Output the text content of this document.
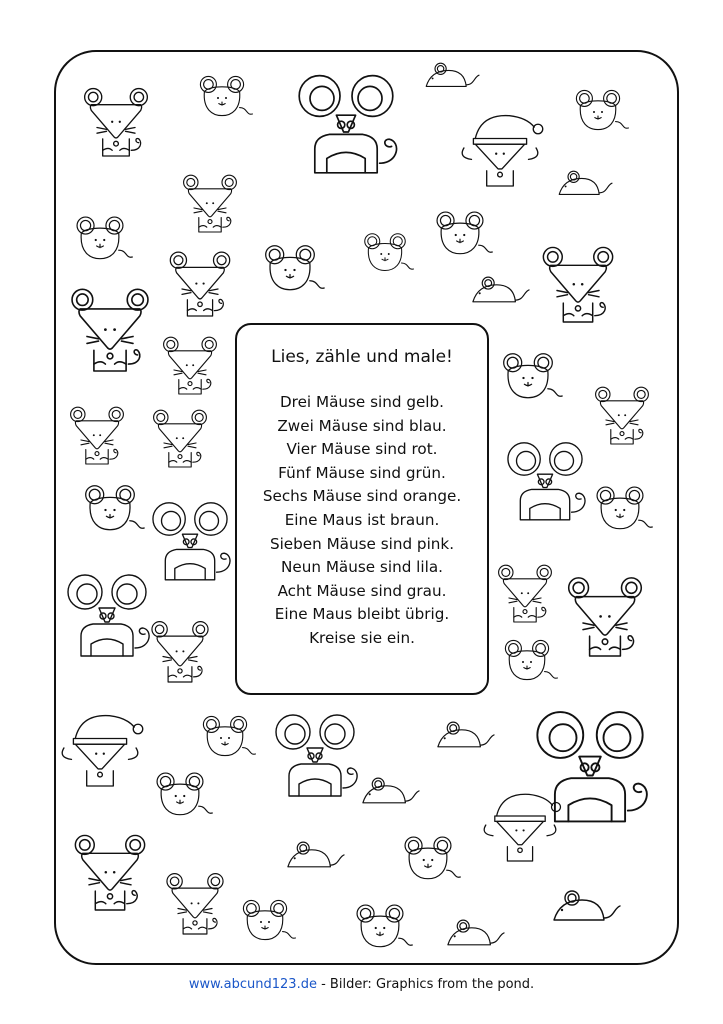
Lies, zähle und male!
Drei Mäuse sind gelb.
Zwei Mäuse sind blau.
Vier Mäuse sind rot.
Fünf Mäuse sind grün.
Sechs Mäuse sind orange.
Eine Maus ist braun.
Sieben Mäuse sind pink.
Neun Mäuse sind lila.
Acht Mäuse sind grau.
Eine Maus bleibt übrig.
Kreise sie ein.
www.abcund123.de - Bilder: Graphics from the pond.
